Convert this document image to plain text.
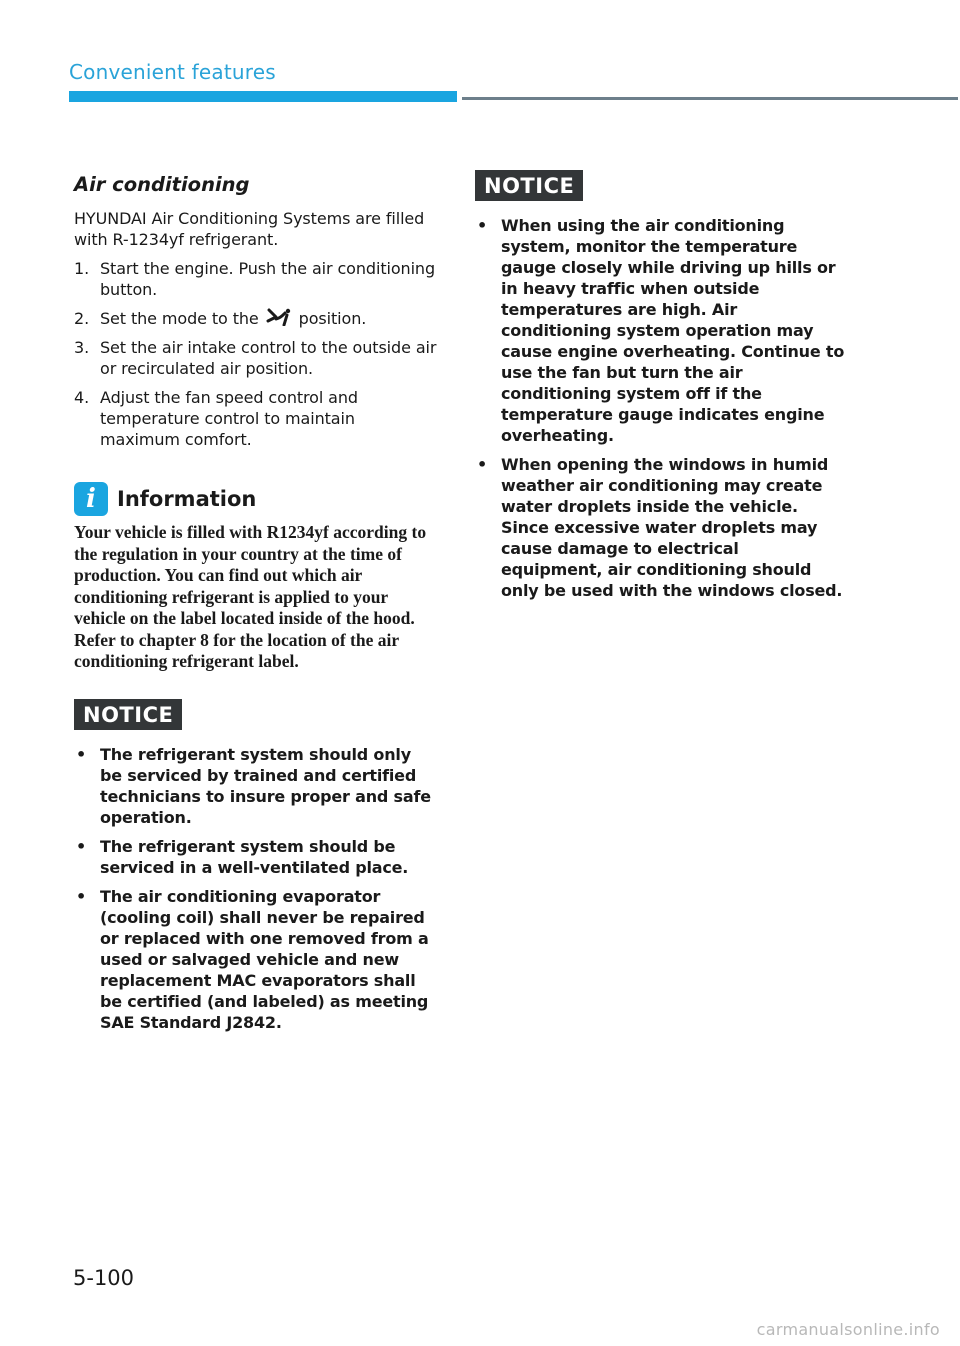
Convenient features
Air conditioning

HYUNDAI Air Conditioning Systems are filled with R-1234yf refrigerant.

1. Start the engine. Push the air conditioning button.
2. Set the mode to the	position.
3. Set the air intake control to the outside air or recirculated air position.
4. Adjust the fan speed control and temperature control to maintain maximum comfort.
i	Information

Your vehicle is filled with R1234yf according to the regulation in your country at the time of production. You can find out which air conditioning refrigerant is applied to your vehicle on the label located inside of the hood. Refer to chapter 8 for the location of the air conditioning refrigerant label.

NOTICE
• The refrigerant system should only be serviced by trained and certified technicians to insure proper and safe operation.
• The refrigerant system should be serviced in a well-ventilated place.
• The air conditioning evaporator (cooling coil) shall never be repaired or replaced with one removed from a used or salvaged vehicle and new replacement MAC evaporators shall be certified (and labeled) as meeting SAE Standard J2842.
NOTICE
• When using the air conditioning system, monitor the temperature gauge closely while driving up hills or in heavy traffic when outside temperatures are high. Air conditioning system operation may cause engine overheating. Continue to use the fan but turn the air conditioning system off if the temperature gauge indicates engine overheating.
• When opening the windows in humid weather air conditioning may create water droplets inside the vehicle. Since excessive water droplets may cause damage to electrical equipment, air conditioning should only be used with the windows closed.
5-100
carmanualsonline.info
